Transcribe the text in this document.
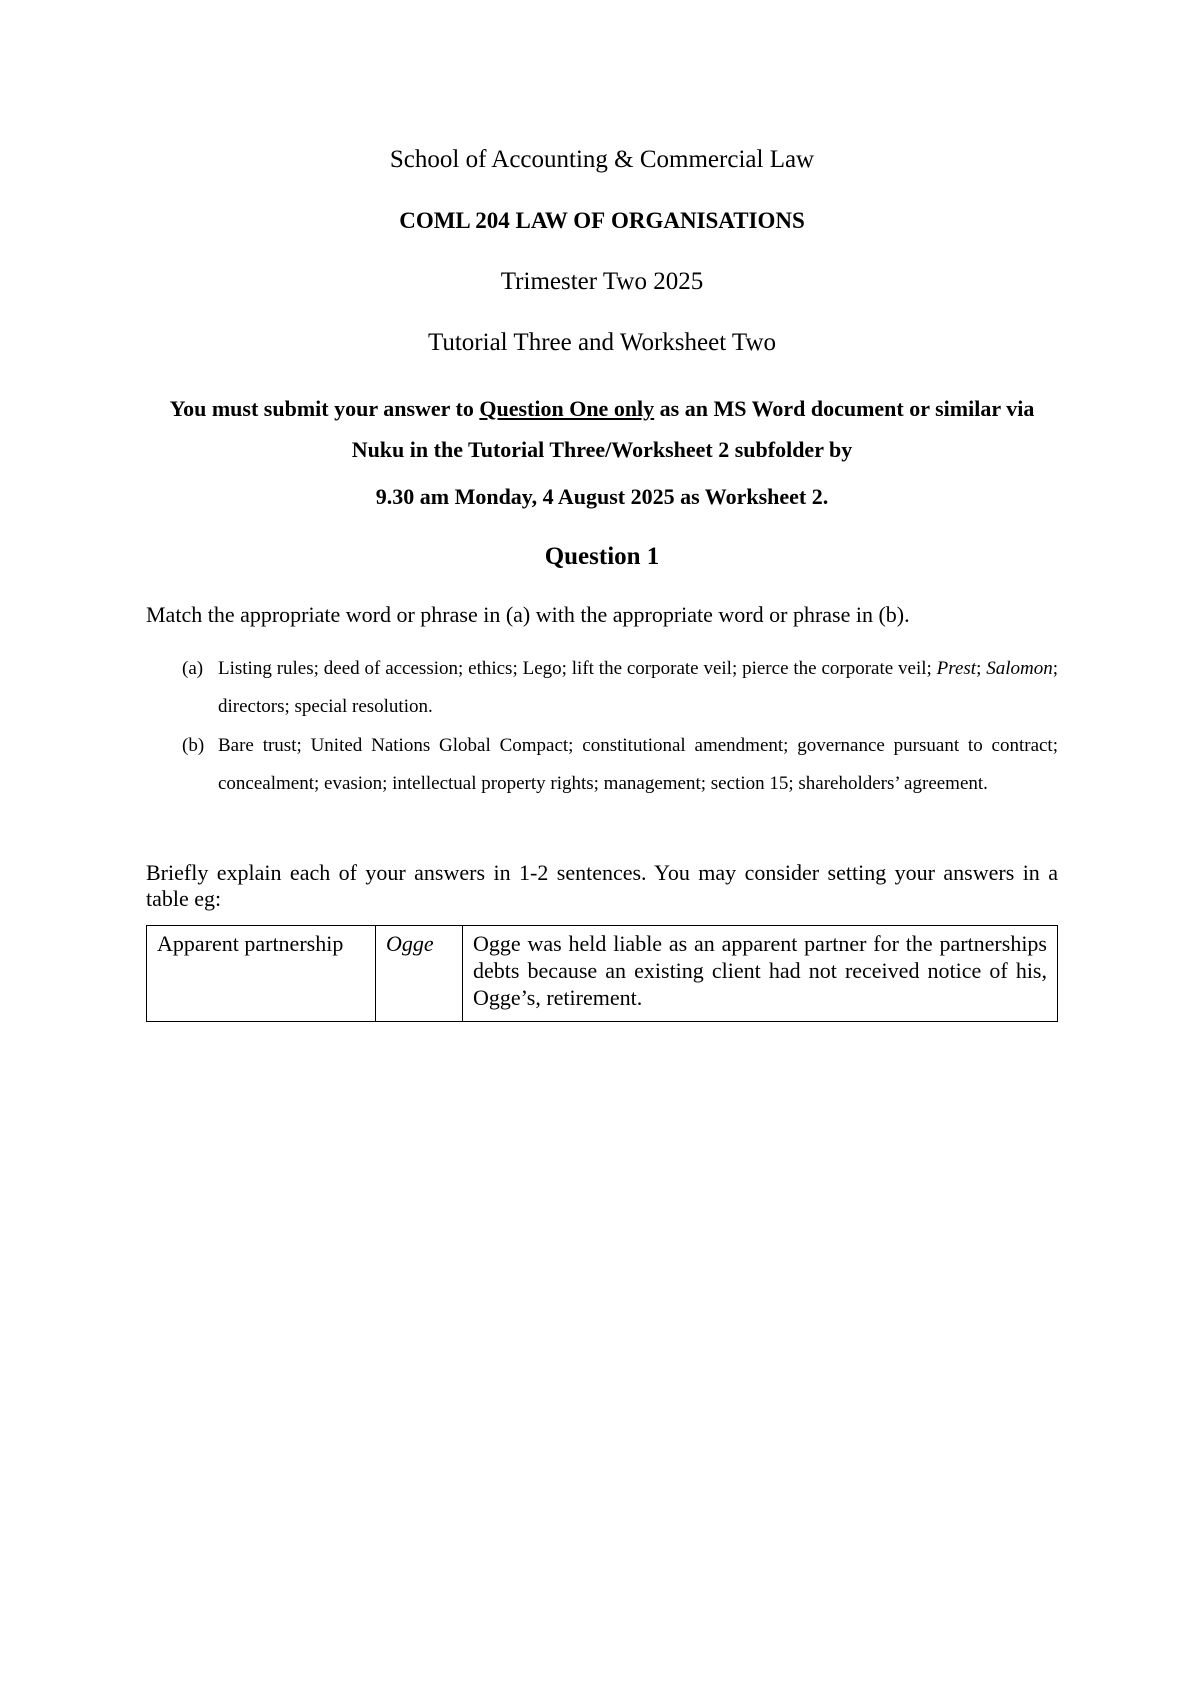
School of Accounting & Commercial Law
COML 204 LAW OF ORGANISATIONS
Trimester Two 2025
Tutorial Three and Worksheet Two
You must submit your answer to Question One only as an MS Word document or similar via Nuku in the Tutorial Three/Worksheet 2 subfolder by
9.30 am Monday, 4 August 2025 as Worksheet 2.
Question 1
Match the appropriate word or phrase in (a) with the appropriate word or phrase in (b).
(a) Listing rules; deed of accession; ethics; Lego; lift the corporate veil; pierce the corporate veil; Prest; Salomon; directors; special resolution.
(b) Bare trust; United Nations Global Compact; constitutional amendment; governance pursuant to contract; concealment; evasion; intellectual property rights; management; section 15; shareholders’ agreement.
Briefly explain each of your answers in 1-2 sentences. You may consider setting your answers in a table eg:
Apparent partnership	Ogge	Ogge was held liable as an apparent partner for the partnerships debts because an existing client had not received notice of his, Ogge’s, retirement.
